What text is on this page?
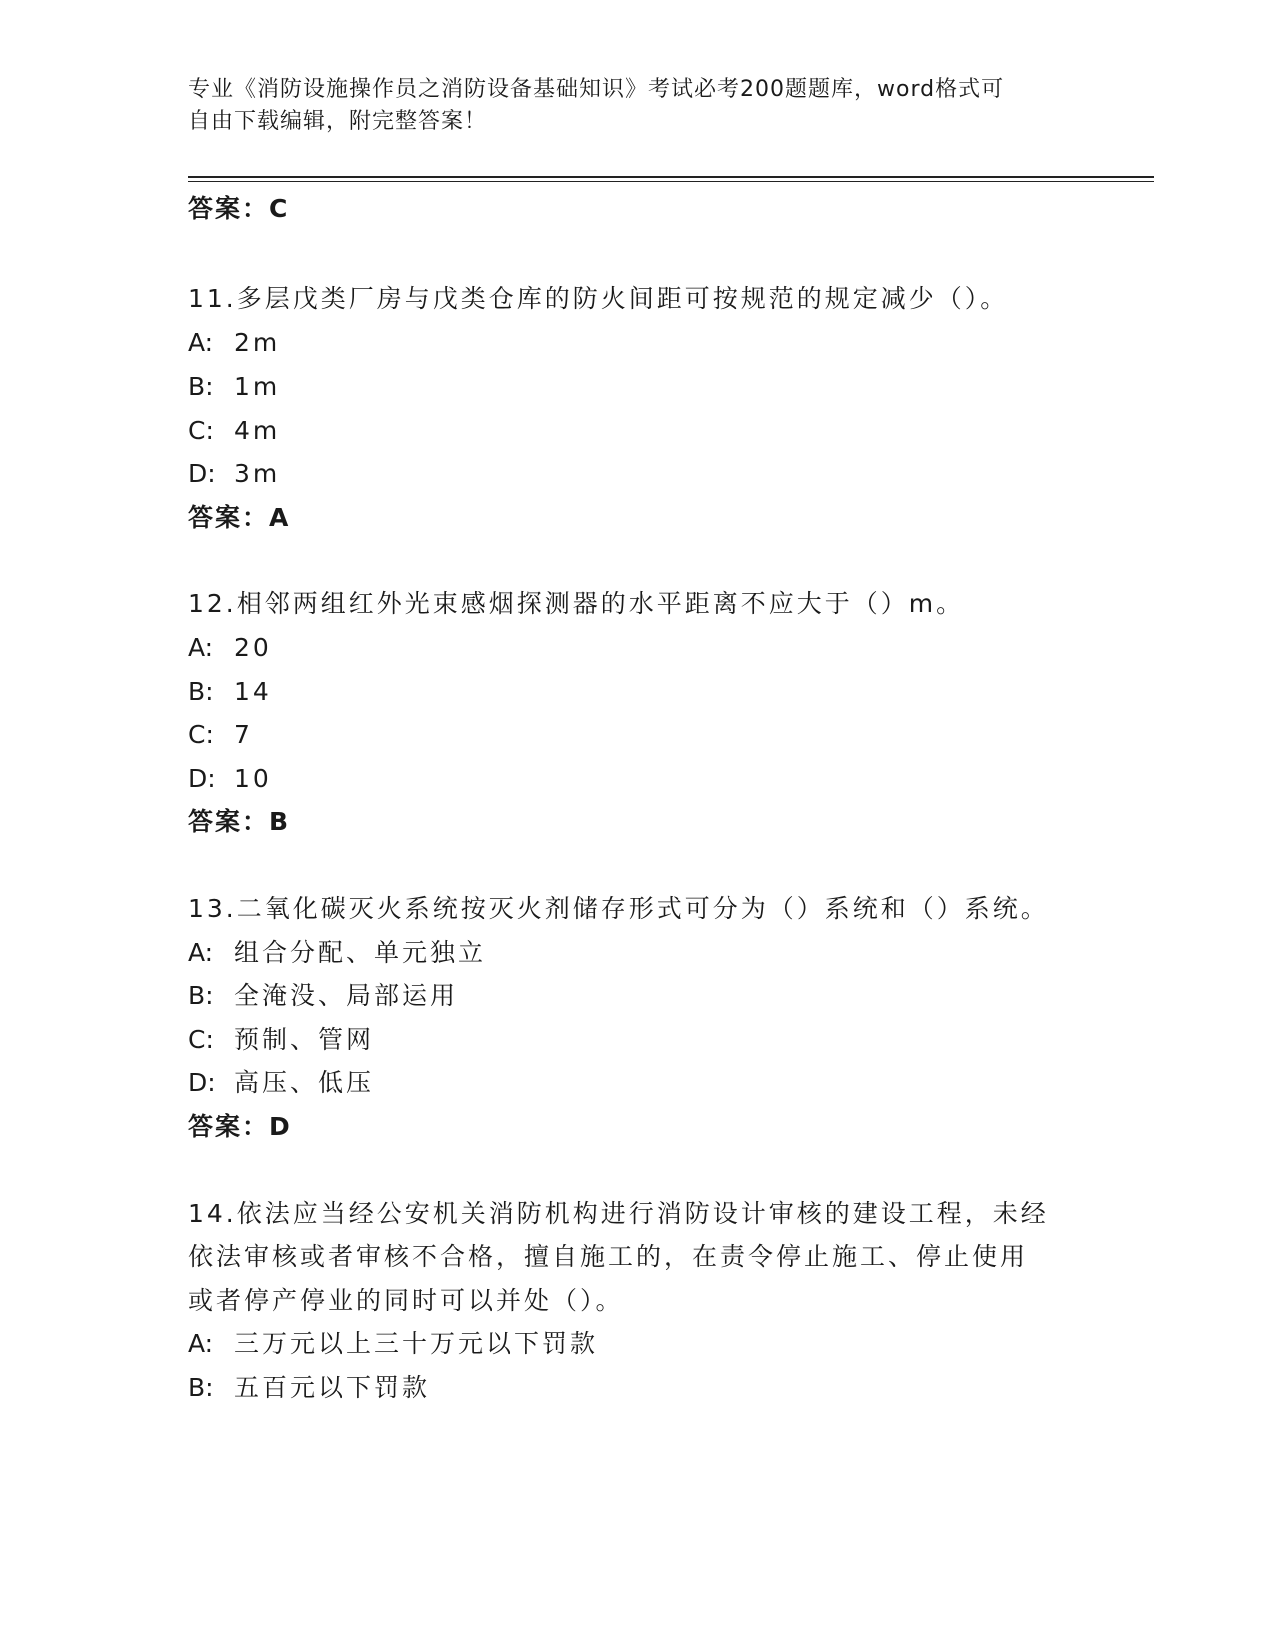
专业《消防设施操作员之消防设备基础知识》考试必考200题题库，word格式可
自由下载编辑，附完整答案！
答案：C
11.多层戊类厂房与戊类仓库的防火间距可按规范的规定减少（）。
A: 2m
B: 1m
C: 4m
D: 3m
答案：A
12.相邻两组红外光束感烟探测器的水平距离不应大于（）m。
A: 20
B: 14
C: 7
D: 10
答案：B
13.二氧化碳灭火系统按灭火剂储存形式可分为（）系统和（）系统。
A: 组合分配、单元独立
B: 全淹没、局部运用
C: 预制、管网
D: 高压、低压
答案：D
14.依法应当经公安机关消防机构进行消防设计审核的建设工程，未经
依法审核或者审核不合格，擅自施工的，在责令停止施工、停止使用
或者停产停业的同时可以并处（）。
A: 三万元以上三十万元以下罚款
B: 五百元以下罚款
